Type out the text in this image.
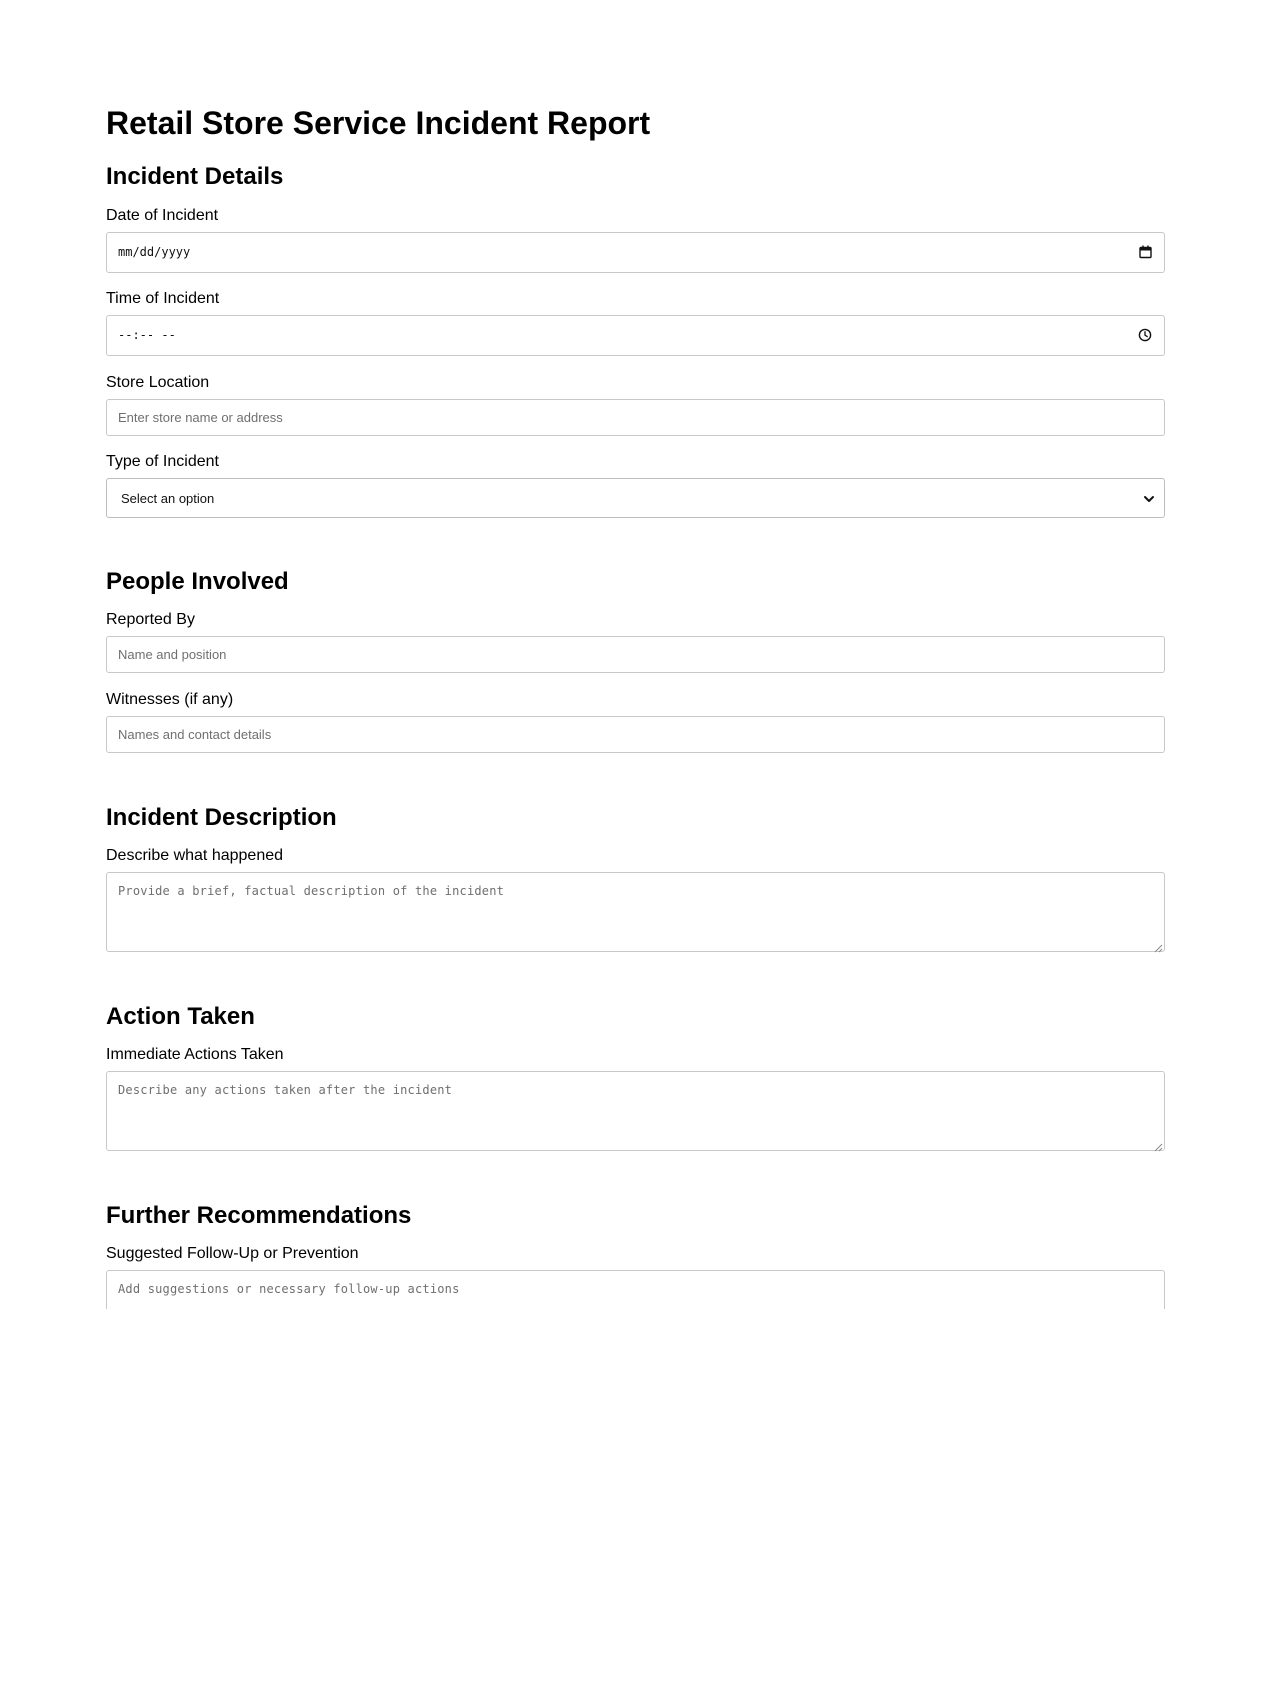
Retail Store Service Incident Report
Incident Details
Date of Incident
mm/dd/yyyy
Time of Incident
--:-- --
Store Location
Enter store name or address
Type of Incident
Select an option
People Involved
Reported By
Name and position
Witnesses (if any)
Names and contact details
Incident Description
Describe what happened
Provide a brief, factual description of the incident
Action Taken
Immediate Actions Taken
Describe any actions taken after the incident
Further Recommendations
Suggested Follow-Up or Prevention
Add suggestions or necessary follow-up actions
